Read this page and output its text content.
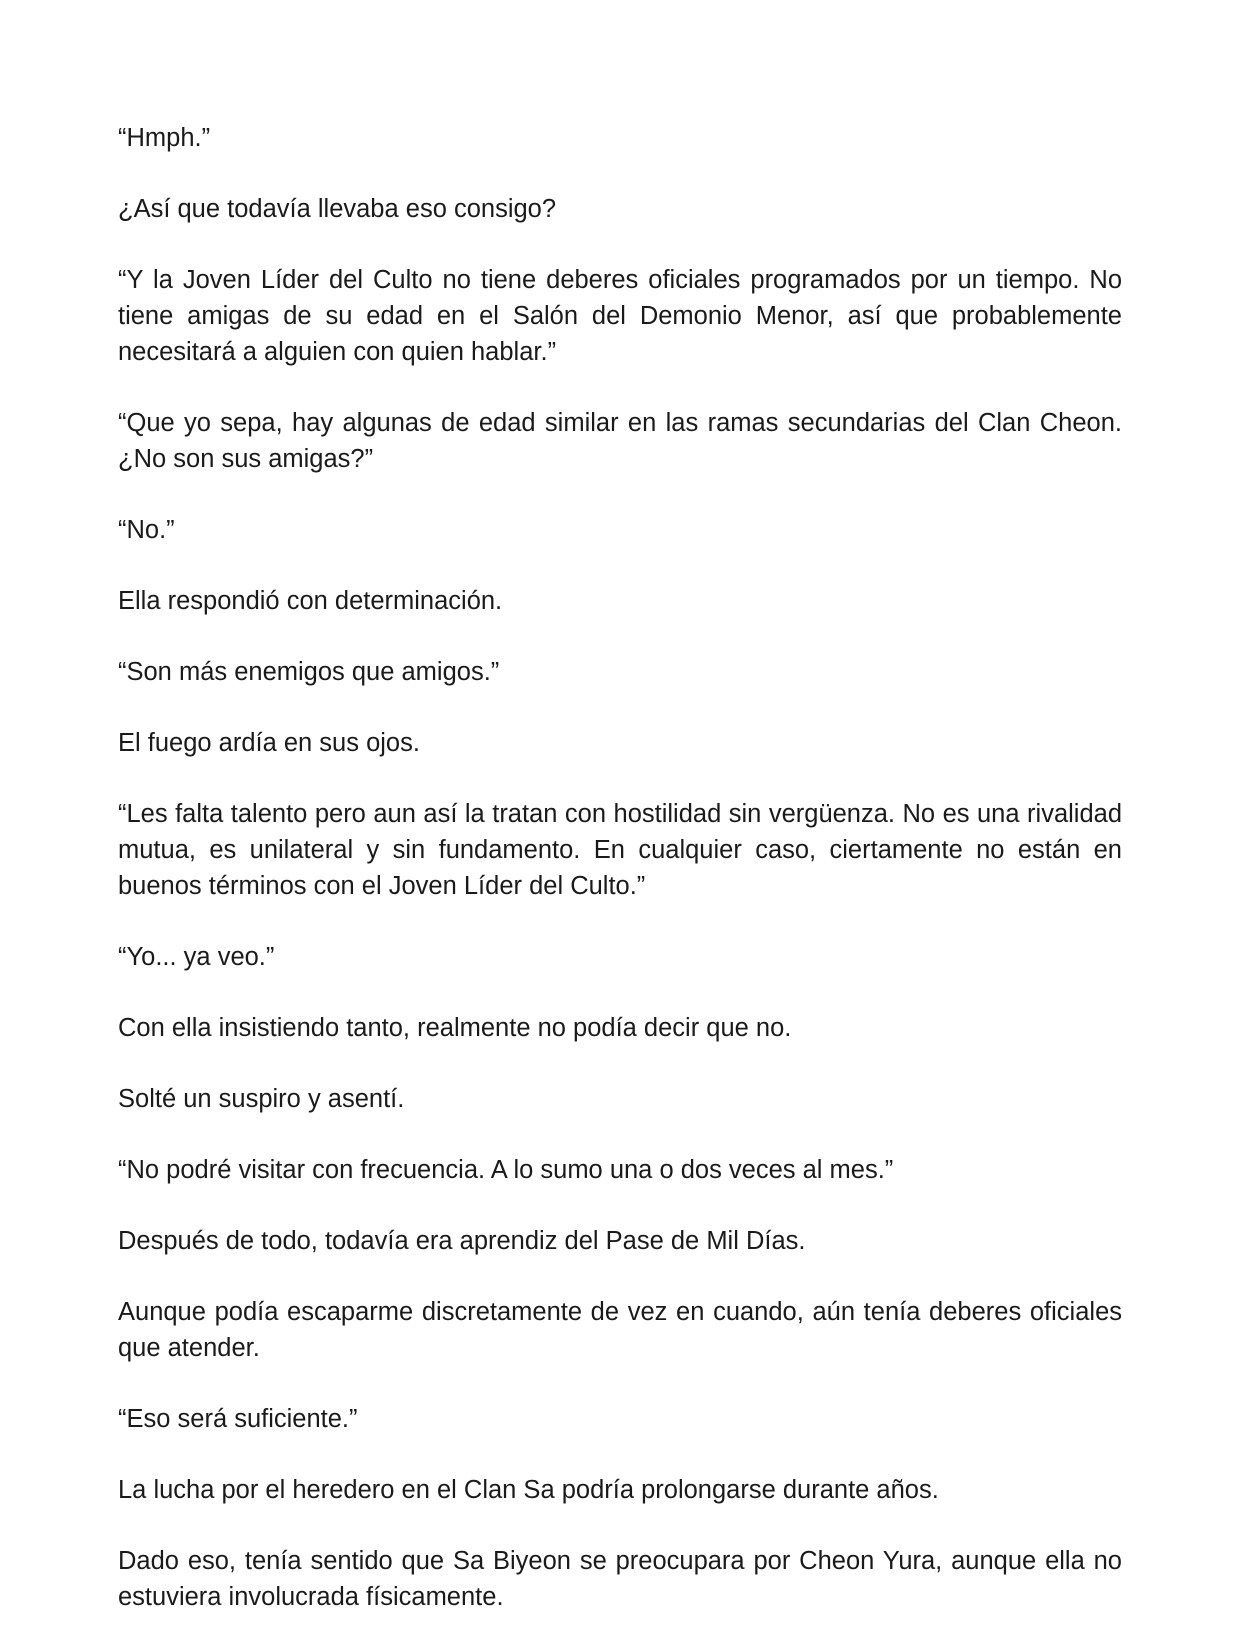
“Hmph.”

¿Así que todavía llevaba eso consigo?

“Y la Joven Líder del Culto no tiene deberes oficiales programados por un tiempo. No tiene amigas de su edad en el Salón del Demonio Menor, así que probablemente necesitará a alguien con quien hablar.”

“Que yo sepa, hay algunas de edad similar en las ramas secundarias del Clan Cheon. ¿No son sus amigas?”

“No.”

Ella respondió con determinación.

“Son más enemigos que amigos.”

El fuego ardía en sus ojos.

“Les falta talento pero aun así la tratan con hostilidad sin vergüenza. No es una rivalidad mutua, es unilateral y sin fundamento. En cualquier caso, ciertamente no están en buenos términos con el Joven Líder del Culto.”

“Yo... ya veo.”

Con ella insistiendo tanto, realmente no podía decir que no.

Solté un suspiro y asentí.

“No podré visitar con frecuencia. A lo sumo una o dos veces al mes.”

Después de todo, todavía era aprendiz del Pase de Mil Días.

Aunque podía escaparme discretamente de vez en cuando, aún tenía deberes oficiales que atender.

“Eso será suficiente.”

La lucha por el heredero en el Clan Sa podría prolongarse durante años.

Dado eso, tenía sentido que Sa Biyeon se preocupara por Cheon Yura, aunque ella no estuviera involucrada físicamente.
